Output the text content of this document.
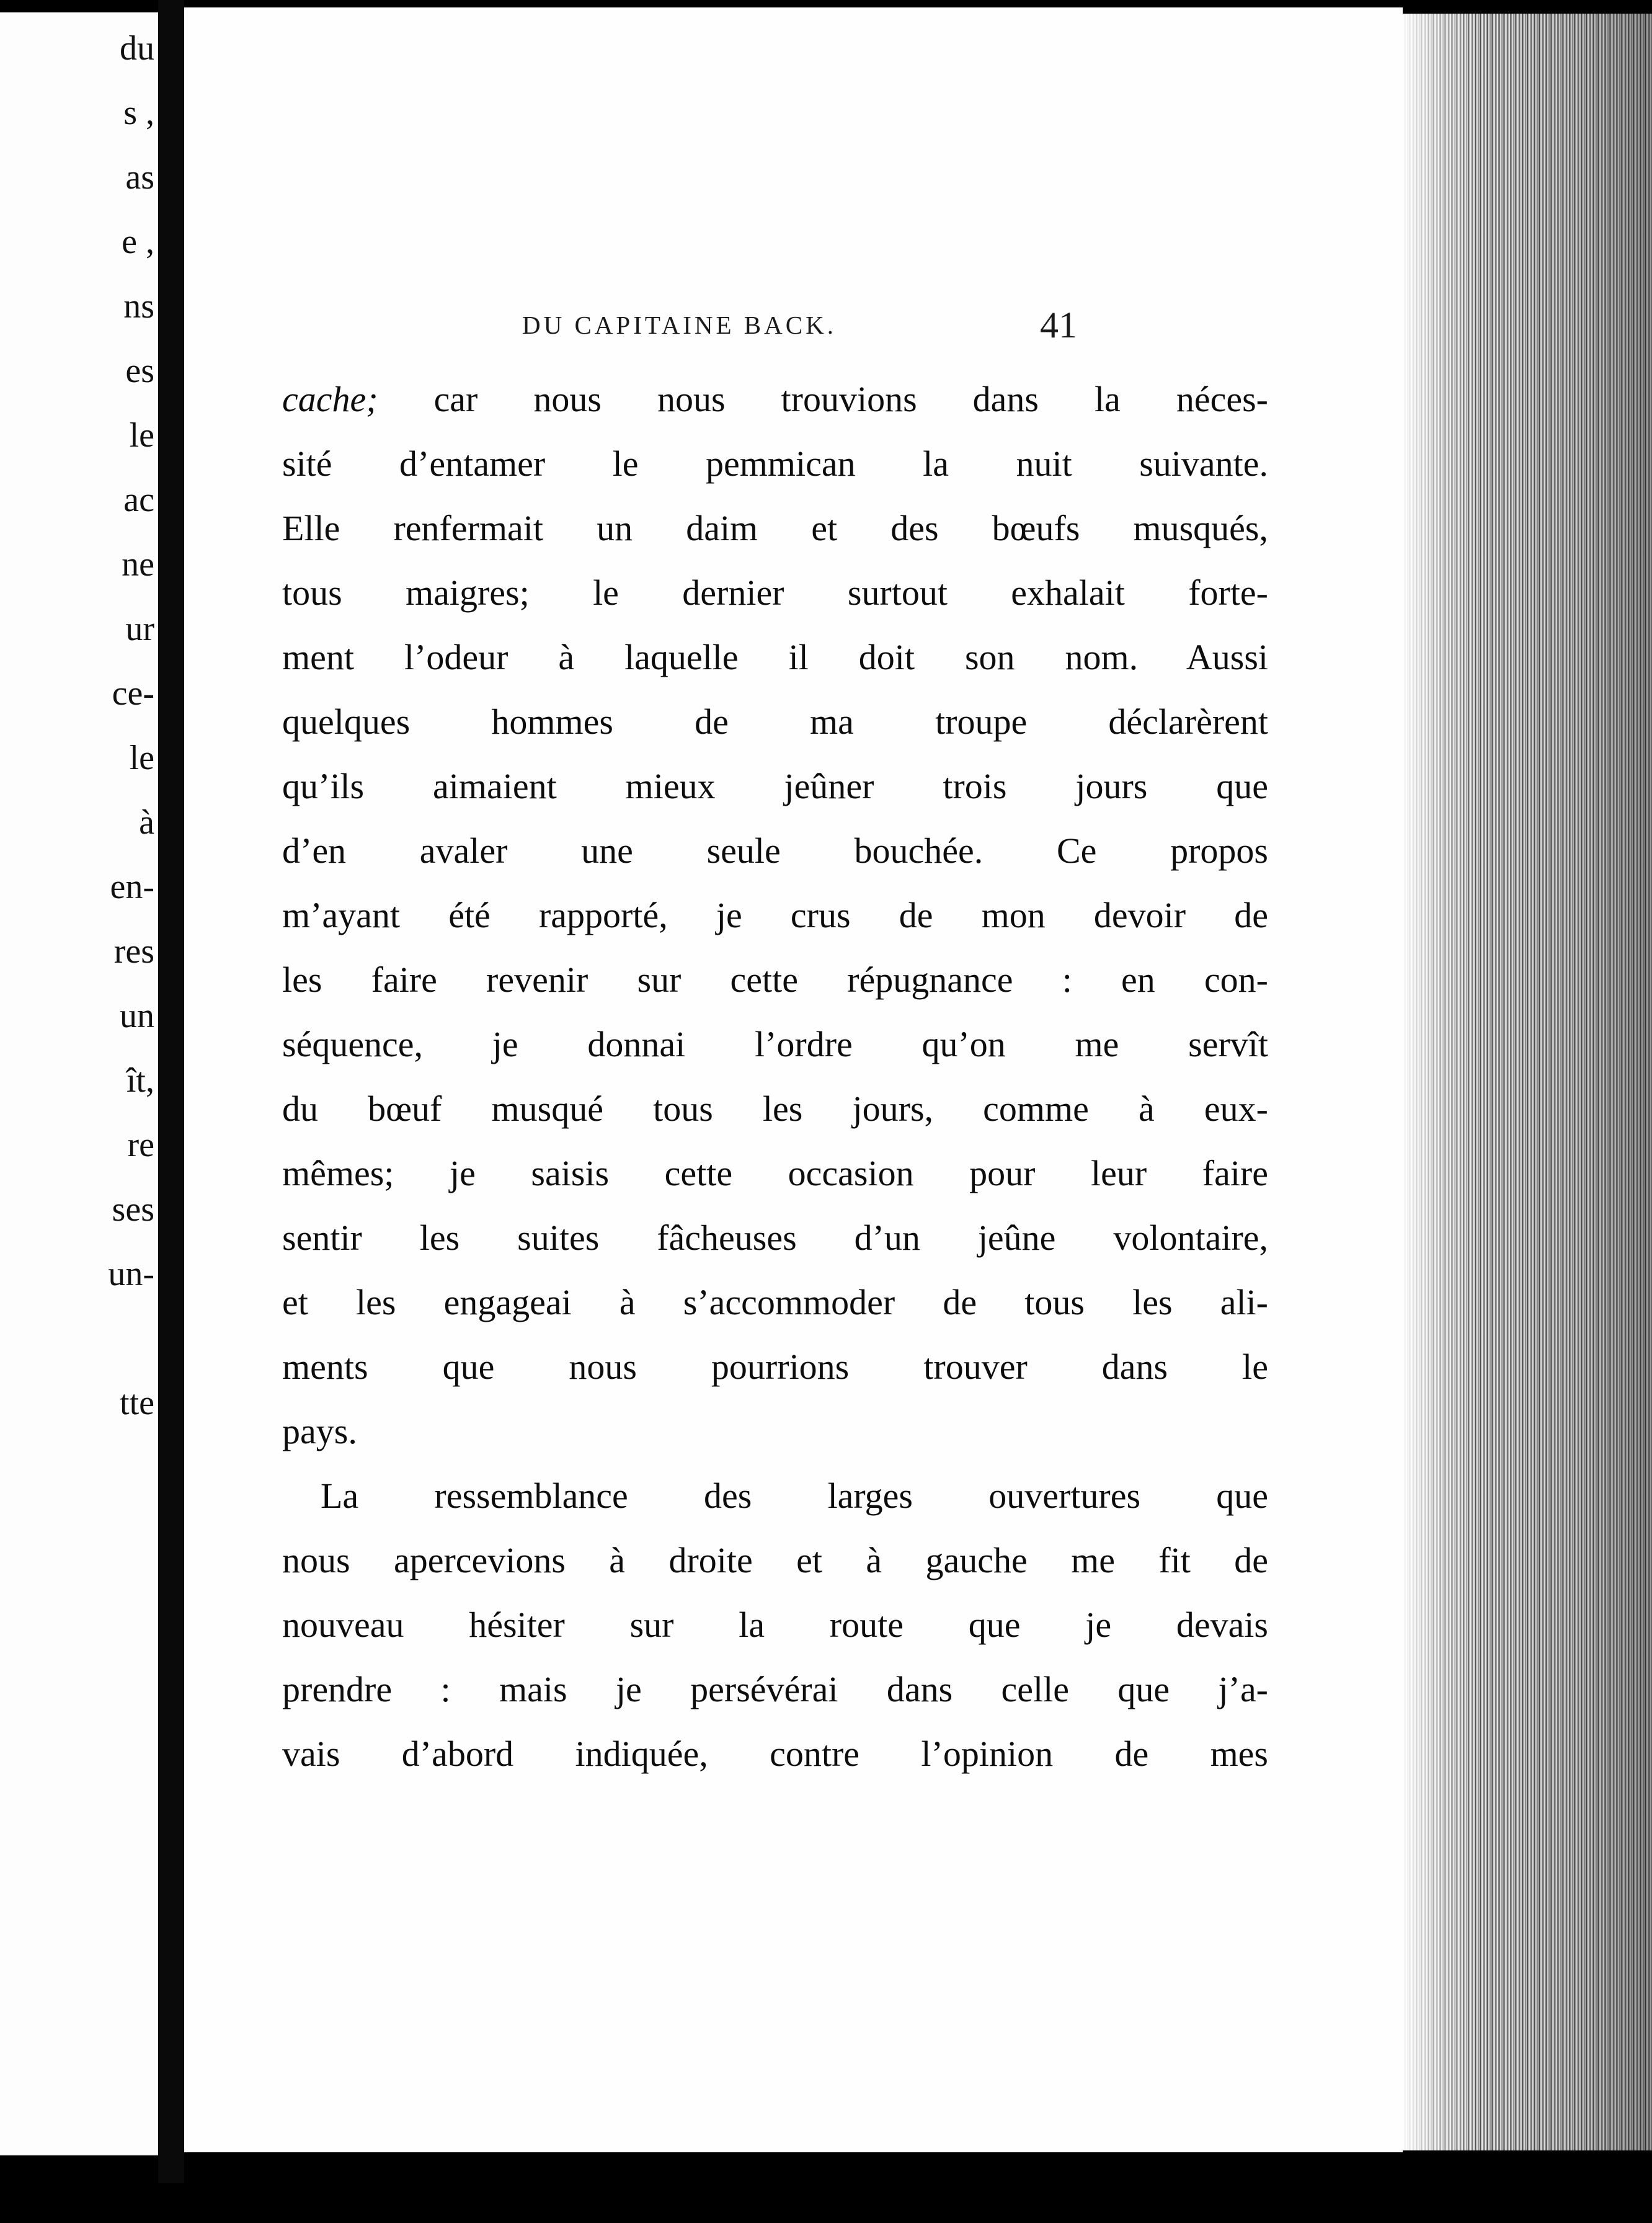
du

s ,

as

e ,

ns

es

le

ac

ne

ur

ce-

le

à

en-

res

un

ît,

re

ses

un-

tte

DU CAPITAINE BACK.	41

cache; car nous nous trouvions dans la néces-
sité d’entamer le pemmican la nuit suivante.
Elle renfermait un daim et des bœufs musqués,
tous maigres; le dernier surtout exhalait forte-
ment l’odeur à laquelle il doit son nom. Aussi
quelques hommes de ma troupe déclarèrent
qu’ils aimaient mieux jeûner trois jours que
d’en avaler une seule bouchée. Ce propos
m’ayant été rapporté, je crus de mon devoir de
les faire revenir sur cette répugnance : en con-
séquence, je donnai l’ordre qu’on me servît
du bœuf musqué tous les jours, comme à eux-
mêmes; je saisis cette occasion pour leur faire
sentir les suites fâcheuses d’un jeûne volontaire,
et les engageai à s’accommoder de tous les ali-
ments que nous pourrions trouver dans le
pays.
La ressemblance des larges ouvertures que
nous apercevions à droite et à gauche me fit de
nouveau hésiter sur la route que je devais
prendre : mais je persévérai dans celle que j’a-
vais d’abord indiquée, contre l’opinion de mes
